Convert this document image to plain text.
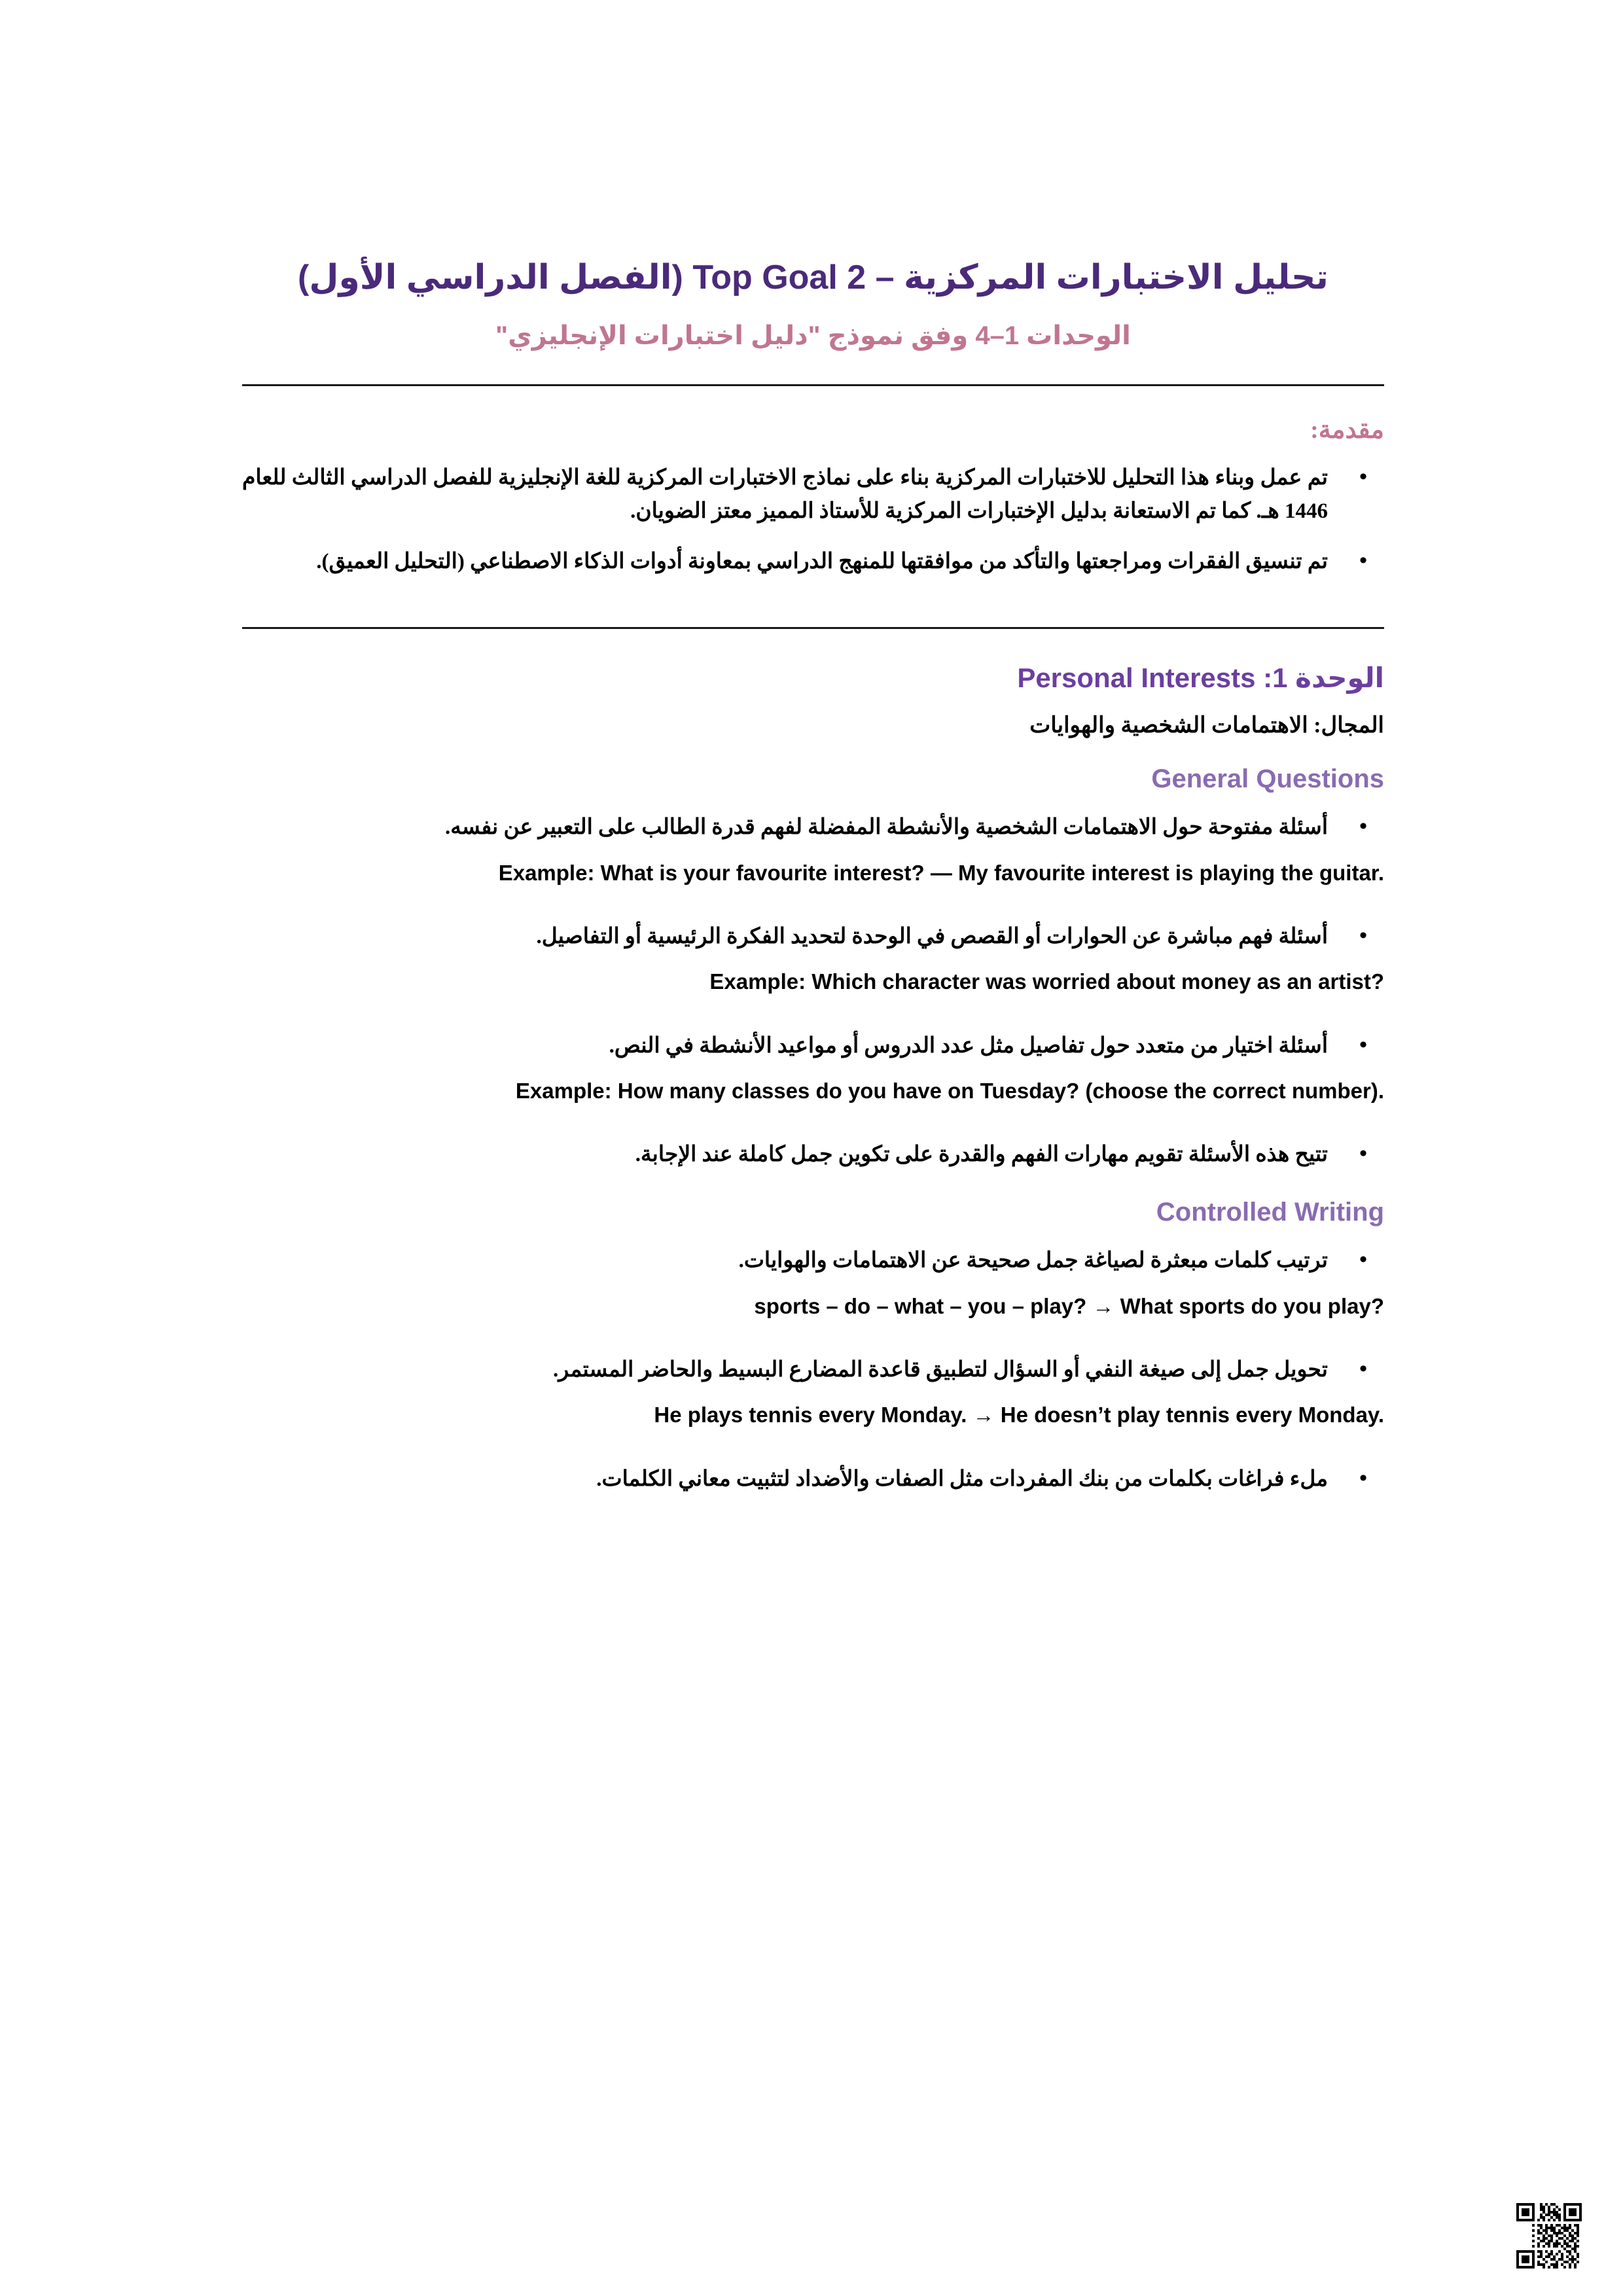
تحليل الاختبارات المركزية – Top Goal 2 (الفصل الدراسي الأول)
الوحدات 1–4 وفق نموذج "دليل اختبارات الإنجليزي"
مقدمة:
• تم عمل وبناء هذا التحليل للاختبارات المركزية بناء على نماذج الاختبارات المركزية للغة الإنجليزية للفصل الدراسي الثالث للعام 1446 هـ. كما تم الاستعانة بدليل الإختبارات المركزية للأستاذ المميز معتز الضويان.
• تم تنسيق الفقرات ومراجعتها والتأكد من موافقتها للمنهج الدراسي بمعاونة أدوات الذكاء الاصطناعي (التحليل العميق).
الوحدة 1: Personal Interests

المجال: الاهتمامات الشخصية والهوايات

General Questions
• أسئلة مفتوحة حول الاهتمامات الشخصية والأنشطة المفضلة لفهم قدرة الطالب على التعبير عن نفسه.

Example: What is your favourite interest? — My favourite interest is playing the guitar.

• أسئلة فهم مباشرة عن الحوارات أو القصص في الوحدة لتحديد الفكرة الرئيسية أو التفاصيل.

Example: Which character was worried about money as an artist?

• أسئلة اختيار من متعدد حول تفاصيل مثل عدد الدروس أو مواعيد الأنشطة في النص.

Example: How many classes do you have on Tuesday? (choose the correct number).

• تتيح هذه الأسئلة تقويم مهارات الفهم والقدرة على تكوين جمل كاملة عند الإجابة.
Controlled Writing
• ترتيب كلمات مبعثرة لصياغة جمل صحيحة عن الاهتمامات والهوايات.

sports – do – what – you – play? → What sports do you play?

• تحويل جمل إلى صيغة النفي أو السؤال لتطبيق قاعدة المضارع البسيط والحاضر المستمر.

He plays tennis every Monday. → He doesn’t play tennis every Monday.

• ملء فراغات بكلمات من بنك المفردات مثل الصفات والأضداد لتثبيت معاني الكلمات.
